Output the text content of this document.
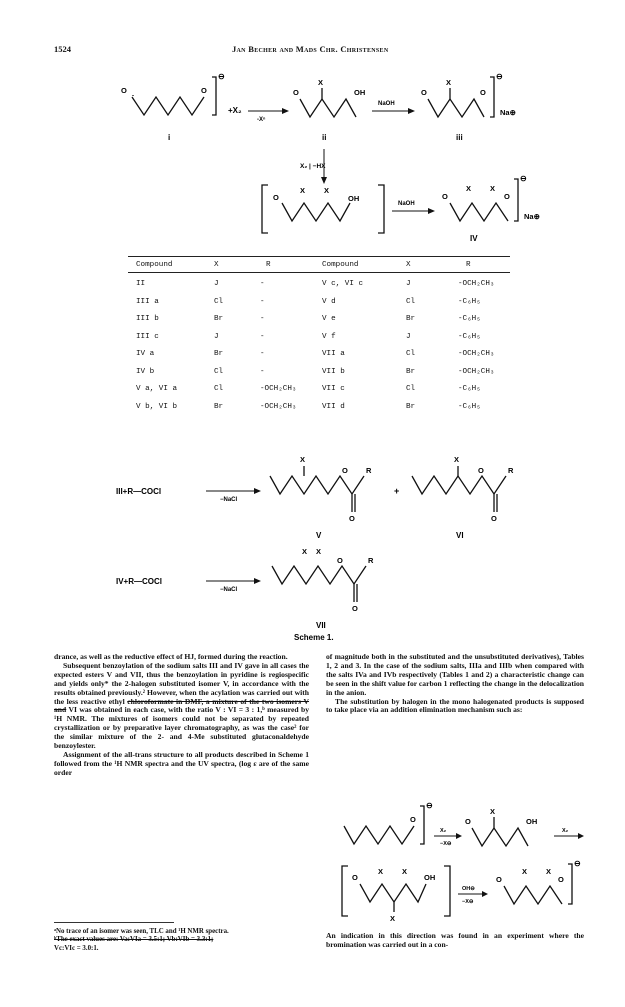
1524	Jan Becher and Mads Chr. Christensen
O	O
⊖
+X₂
i
-Xⁿ
O
X
OH
ii
NaOH
O
X
O
⊖
Na⊕
iii
X₂ | −HX
O
X	X
OH
NaOH
O
X	X
O
⊖
Na⊕
IV
Compound	X	R	Compound	X	R
II	J	-	V c, VI c	J	-OCH₂CH₃
III a	Cl	-	V d	Cl	-C₆H₅
III b	Br	-	V e	Br	-C₆H₅
III c	J	-	V f	J	-C₆H₅
IV a	Br	-	VII a	Cl	-OCH₂CH₃
IV b	Cl	-	VII b	Br	-OCH₂CH₃
V a, VI a	Cl	-OCH₂CH₃	VII c	Cl	-C₆H₅
V b, VI b	Br	-OCH₂CH₃	VII d	Br	-C₆H₅
III+R—COCl
−NaCl
X
O
O
R
V
+
X
O
O
R
VI
IV+R—COCl
−NaCl
X X
O
O
R
VII
Scheme 1.

drance, as well as the reductive effect of HJ, formed during the reaction.

Subsequent benzoylation of the sodium salts III and IV gave in all cases the expected esters V and VII, thus the benzoylation in pyridine is regiospecific and yields only* the 2-halogen substituted isomer V, in accordance with the results obtained previously.² However, when the acylation was carried out with the less reactive ethyl chloroformate in DMF, a mixture of the two isomers V and VI was obtained in each case, with the ratio V : VI = 3 : 1,ᵇ measured by ¹H NMR. The mixtures of isomers could not be separated by repeated crystallization or by preparative layer chromatography, as was the case² for the similar mixture of the 2- and 4-Me substituted glutaconaldehyde benzoylester.

Assignment of the all-trans structure to all products described in Scheme 1 followed from the ¹H NMR spectra and the UV spectra, (log ε are of the same order

ᵃNo trace of an isomer was seen, TLC and ¹H NMR spectra.
ᵇThe exact values are: Va:VIa = 3.5:1; Vb:VIb = 3.3:1;
Vc:VIc = 3.0:1.

of magnitude both in the substituted and the unsubstituted derivatives), Tables 1, 2 and 3. In the case of the sodium salts, IIIa and IIIb when compared with the salts IVa and IVb respectively (Tables 1 and 2) a characteristic change can be seen in the shift value for carbon 1 reflecting the change in the delocalization in the anion.

The substitution by halogen in the mono halogenated products is supposed to take place via an addition elimination mechanism such as:

O
⊖
X₂
−X⊖
O
X
OH
X₂
O
X	X
OH
X
OH⊖
−X⊖
O
X	X
O
⊖

An indication in this direction was found in an experiment where the bromination was carried out in a con-
